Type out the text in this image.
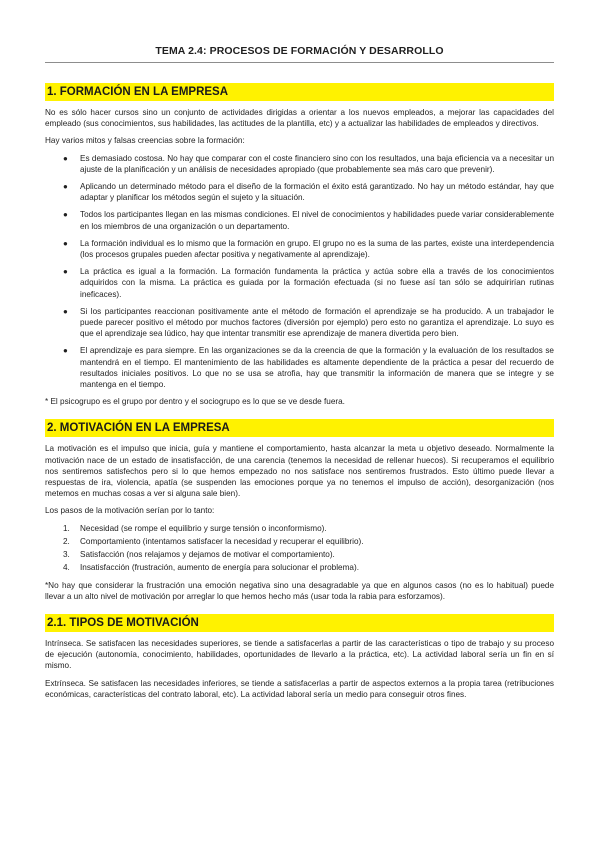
TEMA 2.4: PROCESOS DE FORMACIÓN Y DESARROLLO
1. FORMACIÓN EN LA EMPRESA

No es sólo hacer cursos sino un conjunto de actividades dirigidas a orientar a los nuevos empleados, a mejorar las capacidades del empleado (sus conocimientos, sus habilidades, las actitudes de la plantilla, etc) y a actualizar las habilidades de empleados y directivos.

Hay varios mitos y falsas creencias sobre la formación:

● Es demasiado costosa. No hay que comparar con el coste financiero sino con los resultados, una baja eficiencia va a necesitar un ajuste de la planificación y un análisis de necesidades apropiado (que probablemente sea más caro que prevenir).
● Aplicando un determinado método para el diseño de la formación el éxito está garantizado. No hay un método estándar, hay que adaptar y planificar los métodos según el sujeto y la situación.
● Todos los participantes llegan en las mismas condiciones. El nivel de conocimientos y habilidades puede variar considerablemente en los miembros de una organización o un departamento.
● La formación individual es lo mismo que la formación en grupo. El grupo no es la suma de las partes, existe una interdependencia (los procesos grupales pueden afectar positiva y negativamente al aprendizaje).
● La práctica es igual a la formación. La formación fundamenta la práctica y actúa sobre ella a través de los conocimientos adquiridos con la misma. La práctica es guiada por la formación efectuada (si no fuese así tan sólo se adquirirían rutinas ineficaces).
● Si los participantes reaccionan positivamente ante el método de formación el aprendizaje se ha producido. A un trabajador le puede parecer positivo el método por muchos factores (diversión por ejemplo) pero esto no garantiza el aprendizaje. Lo suyo es que el aprendizaje sea lúdico, hay que intentar transmitir ese aprendizaje de manera divertida pero bien.
● El aprendizaje es para siempre. En las organizaciones se da la creencia de que la formación y la evaluación de los resultados se mantendrá en el tiempo. El mantenimiento de las habilidades es altamente dependiente de la práctica a pesar del recuerdo de resultados iniciales positivos. Lo que no se usa se atrofia, hay que transmitir la información de manera que se integre y se mantenga en el tiempo.

* El psicogrupo es el grupo por dentro y el sociogrupo es lo que se ve desde fuera.

2. MOTIVACIÓN EN LA EMPRESA

La motivación es el impulso que inicia, guía y mantiene el comportamiento, hasta alcanzar la meta u objetivo deseado. Normalmente la motivación nace de un estado de insatisfacción, de una carencia (tenemos la necesidad de rellenar huecos). Si recuperamos el equilibrio nos sentiremos satisfechos pero si lo que hemos empezado no nos satisface nos sentiremos frustrados. Esto último puede llevar a respuestas de ira, violencia, apatía (se suspenden las emociones porque ya no tenemos el impulso de acción), desorganización (nos metemos en muchas cosas a ver si alguna sale bien).

Los pasos de la motivación serían por lo tanto:

1. Necesidad (se rompe el equilibrio y surge tensión o inconformismo).
2. Comportamiento (intentamos satisfacer la necesidad y recuperar el equilibrio).
3. Satisfacción (nos relajamos y dejamos de motivar el comportamiento).
4. Insatisfacción (frustración, aumento de energía para solucionar el problema).

*No hay que considerar la frustración una emoción negativa sino una desagradable ya que en algunos casos (no es lo habitual) puede llevar a un alto nivel de motivación por arreglar lo que hemos hecho más (usar toda la rabia para esforzamos).

2.1. TIPOS DE MOTIVACIÓN

Intrínseca. Se satisfacen las necesidades superiores, se tiende a satisfacerlas a partir de las características o tipo de trabajo y su proceso de ejecución (autonomía, conocimiento, habilidades, oportunidades de llevarlo a la práctica, etc). La actividad laboral sería un fin en sí mismo.

Extrínseca. Se satisfacen las necesidades inferiores, se tiende a satisfacerlas a partir de aspectos externos a la propia tarea (retribuciones económicas, características del contrato laboral, etc). La actividad laboral sería un medio para conseguir otros fines.
